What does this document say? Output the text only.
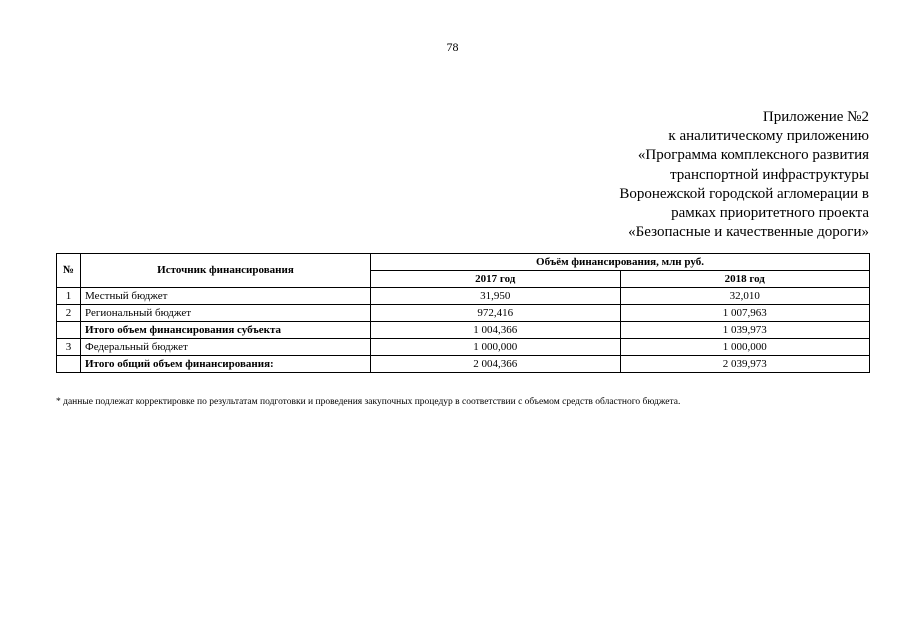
78
Приложение №2
к аналитическому приложению
«Программа комплексного развития
транспортной инфраструктуры
Воронежской городской агломерации в
рамках приоритетного проекта
«Безопасные и качественные дороги»
№	Источник финансирования	Объём финансирования, млн руб.	
		2017 год	2018 год
1	Местный бюджет	31,950	32,010
2	Региональный бюджет	972,416	1 007,963
	Итого объем финансирования субъекта	1 004,366	1 039,973
3	Федеральный бюджет	1 000,000	1 000,000
	Итого общий объем финансирования:	2 004,366	2 039,973
* данные подлежат корректировке по результатам подготовки и проведения закупочных процедур в соответствии с объемом средств областного бюджета.
